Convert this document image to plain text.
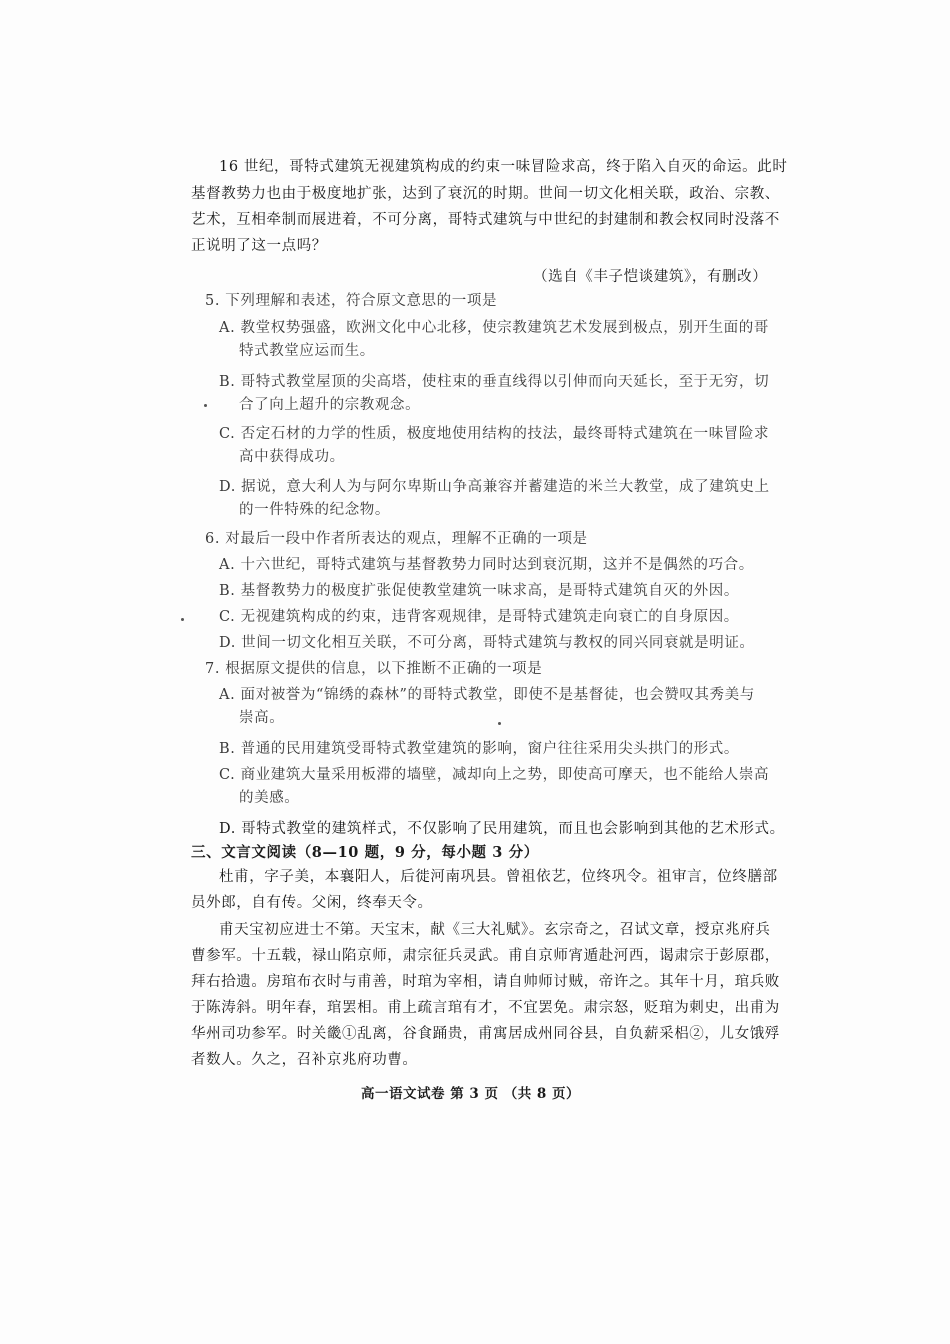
16 世纪，哥特式建筑无视建筑构成的约束一味冒险求高，终于陷入自灭的命运。此时
基督教势力也由于极度地扩张，达到了衰沉的时期。世间一切文化相关联，政治、宗教、
艺术，互相牵制而展进着，不可分离，哥特式建筑与中世纪的封建制和教会权同时没落不
正说明了这一点吗？
（选自《丰子恺谈建筑》，有删改）
5. 下列理解和表述，符合原文意思的一项是
A. 教堂权势强盛，欧洲文化中心北移，使宗教建筑艺术发展到极点，别开生面的哥
特式教堂应运而生。
B. 哥特式教堂屋顶的尖高塔，使柱束的垂直线得以引伸而向天延长，至于无穷，切
合了向上超升的宗教观念。
C. 否定石材的力学的性质，极度地使用结构的技法，最终哥特式建筑在一味冒险求
高中获得成功。
D. 据说，意大利人为与阿尔卑斯山争高兼容并蓄建造的米兰大教堂，成了建筑史上
的一件特殊的纪念物。
6. 对最后一段中作者所表达的观点，理解不正确的一项是
A. 十六世纪，哥特式建筑与基督教势力同时达到衰沉期，这并不是偶然的巧合。
B. 基督教势力的极度扩张促使教堂建筑一味求高，是哥特式建筑自灭的外因。
C. 无视建筑构成的约束，违背客观规律，是哥特式建筑走向衰亡的自身原因。
D. 世间一切文化相互关联，不可分离，哥特式建筑与教权的同兴同衰就是明证。
7. 根据原文提供的信息，以下推断不正确的一项是
A. 面对被誉为“锦绣的森林”的哥特式教堂，即使不是基督徒，也会赞叹其秀美与
崇高。
B. 普通的民用建筑受哥特式教堂建筑的影响，窗户往往采用尖头拱门的形式。
C. 商业建筑大量采用板滞的墙壁，减却向上之势，即使高可摩天，也不能给人崇高
的美感。
D. 哥特式教堂的建筑样式，不仅影响了民用建筑，而且也会影响到其他的艺术形式。
三、文言文阅读（8—10 题，9 分，每小题 3 分）
杜甫，字子美，本襄阳人，后徙河南巩县。曾祖依艺，位终巩令。祖审言，位终膳部
员外郎，自有传。父闲，终奉天令。
甫天宝初应进士不第。天宝末，献《三大礼赋》。玄宗奇之，召试文章，授京兆府兵
曹参军。十五载，禄山陷京师，肃宗征兵灵武。甫自京师宵遁赴河西，谒肃宗于彭原郡，
拜右拾遗。房琯布衣时与甫善，时琯为宰相，请自帅师讨贼，帝许之。其年十月，琯兵败
于陈涛斜。明年春，琯罢相。甫上疏言琯有才，不宜罢免。肃宗怒，贬琯为刺史，出甫为
华州司功参军。时关畿①乱离，谷食踊贵，甫寓居成州同谷县，自负薪采梠②，儿女饿殍
者数人。久之，召补京兆府功曹。
高一语文试卷 第 3 页 （共 8 页）
